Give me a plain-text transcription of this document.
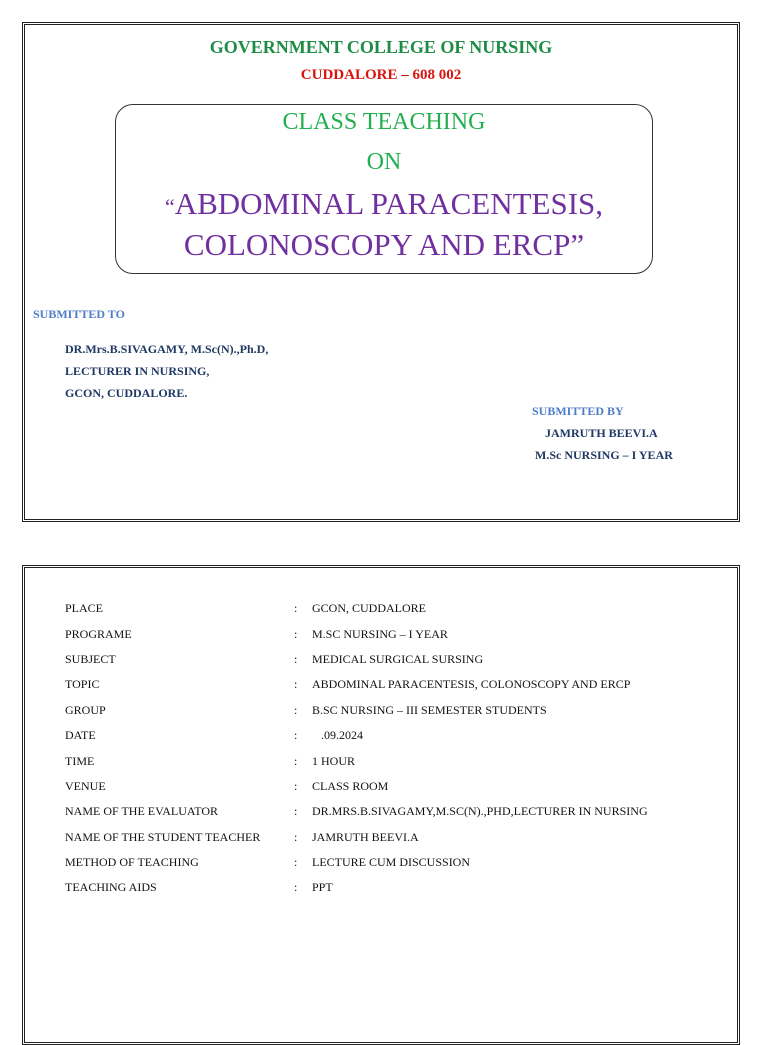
GOVERNMENT COLLEGE OF NURSING
CUDDALORE – 608 002
CLASS TEACHING
ON
“ABDOMINAL PARACENTESIS,
COLONOSCOPY AND ERCP”
SUBMITTED TO
DR.Mrs.B.SIVAGAMY, M.Sc(N).,Ph.D,
LECTURER IN NURSING,
GCON, CUDDALORE.
SUBMITTED BY
JAMRUTH BEEVI.A
M.Sc NURSING – I YEAR
PLACE	:	GCON, CUDDALORE
PROGRAME	:	M.SC NURSING – I YEAR
SUBJECT	:	MEDICAL SURGICAL SURSING
TOPIC	:	ABDOMINAL PARACENTESIS, COLONOSCOPY AND ERCP
GROUP	:	B.SC NURSING – III SEMESTER STUDENTS
DATE	:	.09.2024
TIME	:	1 HOUR
VENUE	:	CLASS ROOM
NAME OF THE EVALUATOR	:	DR.MRS.B.SIVAGAMY,M.SC(N).,PHD,LECTURER IN NURSING
NAME OF THE STUDENT TEACHER	:	JAMRUTH BEEVI.A
METHOD OF TEACHING	:	LECTURE CUM DISCUSSION
TEACHING AIDS	:	PPT
